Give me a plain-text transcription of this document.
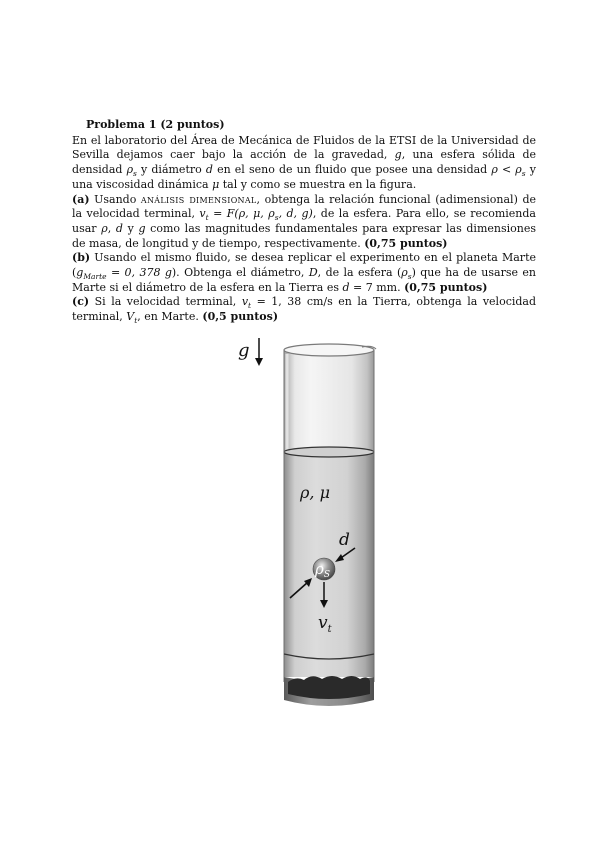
Problema 1 (2 puntos)

En el laboratorio del Área de Mecánica de Fluidos de la ETSI de la Universidad de Sevilla dejamos caer bajo la acción de la gravedad, g, una esfera sólida de densidad $\rho_s$ y diámetro d en el seno de un fluido que posee una densidad $\rho < \rho_s$ y una viscosidad dinámica μ tal y como se muestra en la figura.

(a) Usando análisis dimensional, obtenga la relación funcional (adimensional) de la velocidad terminal, $v_t = F(\rho$, μ, $\rho_s$, d, g), de la esfera. Para ello, se recomienda usar ρ, d y g como las magnitudes fundamentales para expresar las dimensiones de masa, de longitud y de tiempo, respectivamente. (0,75 puntos)

(b) Usando el mismo fluido, se desea replicar el experimento en el planeta Marte ($g_{Marte} = 0$, 378 g). Obtenga el diámetro, D, de la esfera $(\rho_s)$ que ha de usarse en Marte si el diámetro de la esfera en la Tierra es d = 7 mm. (0,75 puntos)

(c) Si la velocidad terminal, $v_t = 1$, 38 cm/s en la Tierra, obtenga la velocidad terminal, $V_t$, en Marte. (0,5 puntos)

g
ρ, μ
$\rho_S$
d
$v_t$
